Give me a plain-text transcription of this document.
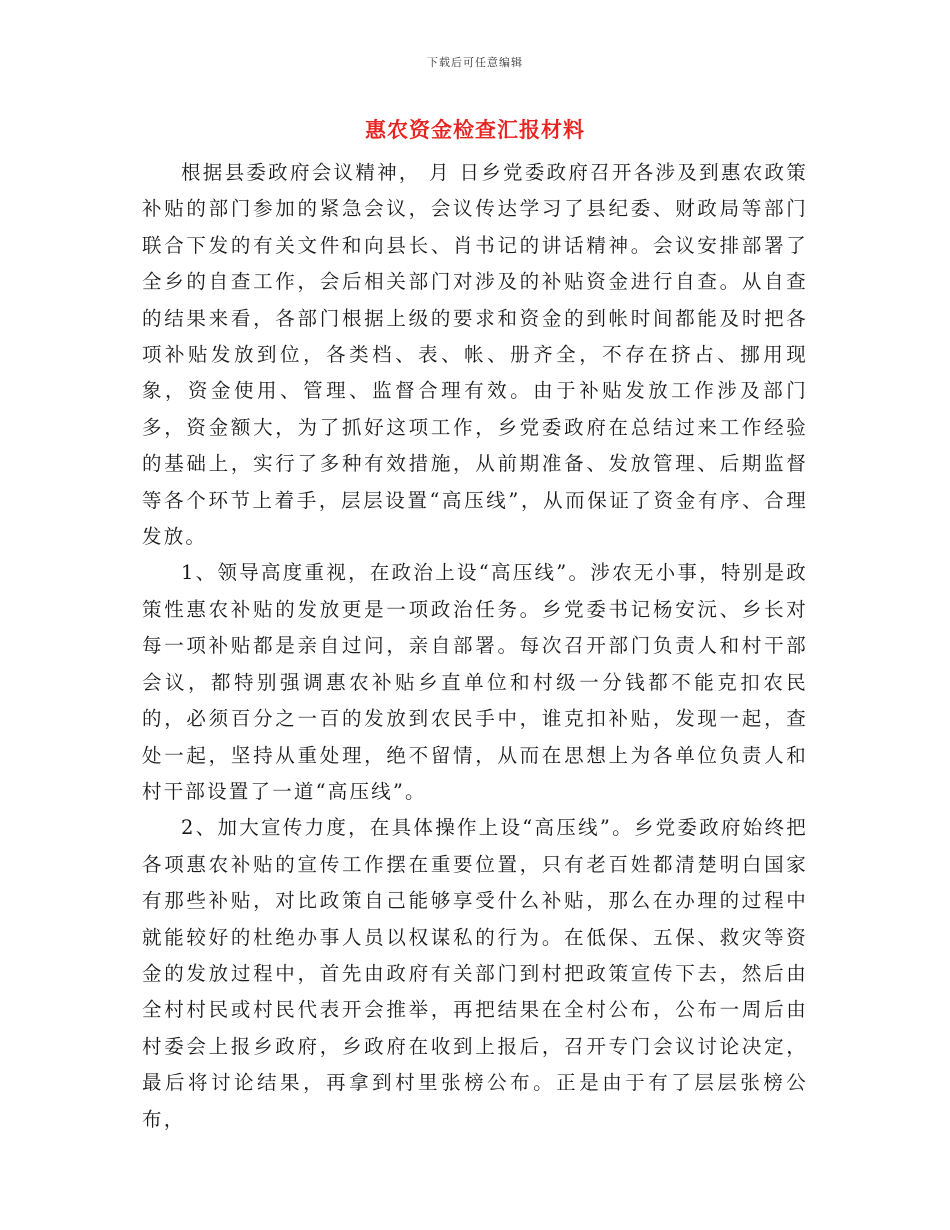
下载后可任意编辑
惠农资金检查汇报材料

根据县委政府会议精神， 月 日乡党委政府召开各涉及到惠农政策补贴的部门参加的紧急会议，会议传达学习了县纪委、财政局等部门联合下发的有关文件和向县长、肖书记的讲话精神。会议安排部署了全乡的自查工作，会后相关部门对涉及的补贴资金进行自查。从自查的结果来看，各部门根据上级的要求和资金的到帐时间都能及时把各项补贴发放到位，各类档、表、帐、册齐全，不存在挤占、挪用现象，资金使用、管理、监督合理有效。由于补贴发放工作涉及部门多，资金额大，为了抓好这项工作，乡党委政府在总结过来工作经验的基础上，实行了多种有效措施，从前期准备、发放管理、后期监督等各个环节上着手，层层设置“高压线”，从而保证了资金有序、合理发放。

1、领导高度重视，在政治上设“高压线”。涉农无小事，特别是政策性惠农补贴的发放更是一项政治任务。乡党委书记杨安沅、乡长对每一项补贴都是亲自过问，亲自部署。每次召开部门负责人和村干部会议，都特别强调惠农补贴乡直单位和村级一分钱都不能克扣农民的，必须百分之一百的发放到农民手中，谁克扣补贴，发现一起，查处一起，坚持从重处理，绝不留情，从而在思想上为各单位负责人和村干部设置了一道“高压线”。

2、加大宣传力度，在具体操作上设“高压线”。乡党委政府始终把各项惠农补贴的宣传工作摆在重要位置，只有老百姓都清楚明白国家有那些补贴，对比政策自己能够享受什么补贴，那么在办理的过程中就能较好的杜绝办事人员以权谋私的行为。在低保、五保、救灾等资金的发放过程中，首先由政府有关部门到村把政策宣传下去，然后由全村村民或村民代表开会推举，再把结果在全村公布，公布一周后由村委会上报乡政府，乡政府在收到上报后，召开专门会议讨论决定，最后将讨论结果，再拿到村里张榜公布。正是由于有了层层张榜公布，
